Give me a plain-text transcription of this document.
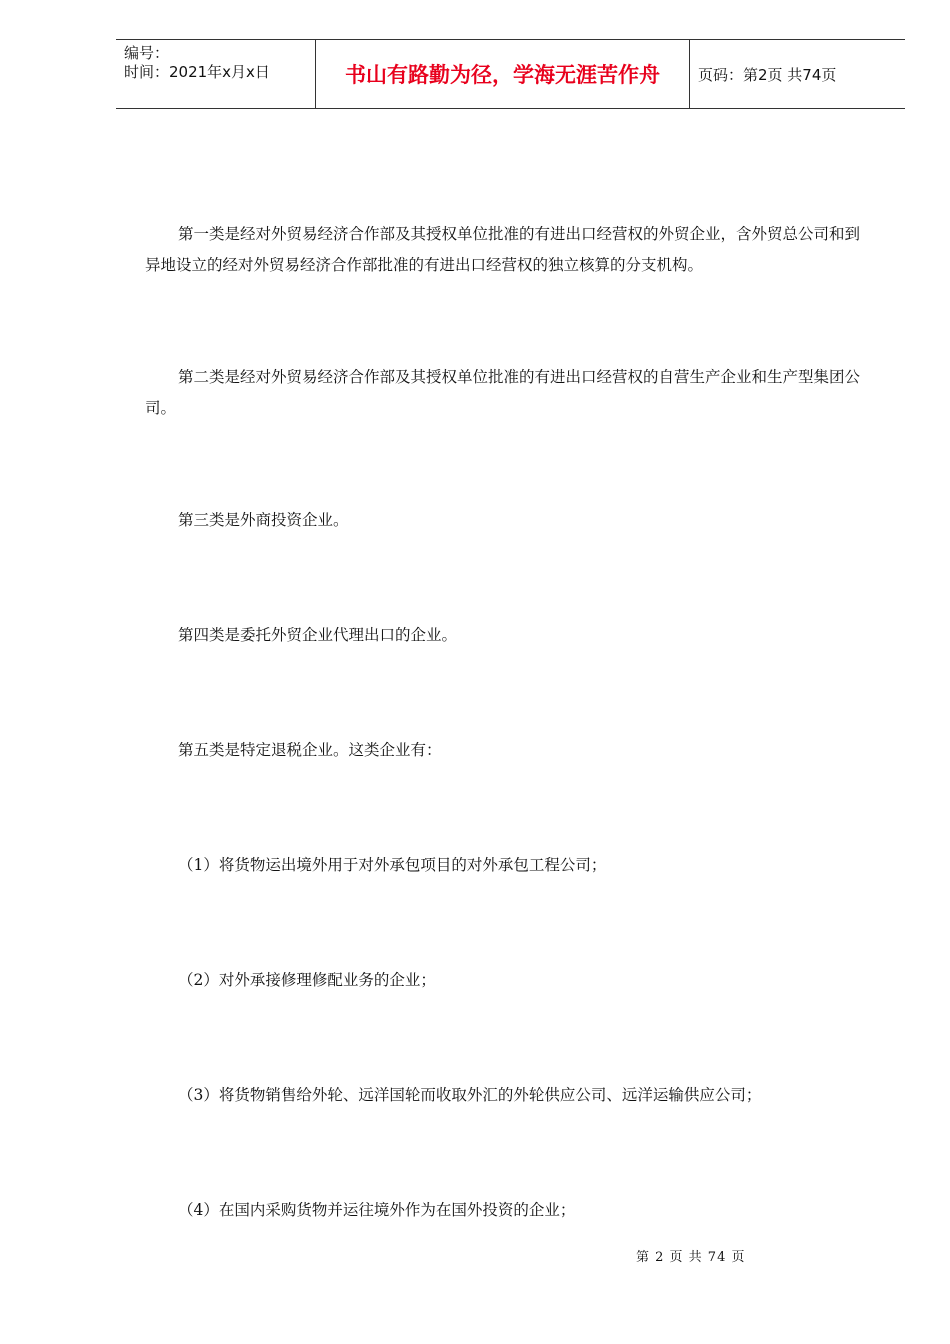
编号：
时间：2021年x月x日	书山有路勤为径，学海无涯苦作舟	页码：第2页 共74页

第一类是经对外贸易经济合作部及其授权单位批准的有进出口经营权的外贸企业，含外贸总公司和到异地设立的经对外贸易经济合作部批准的有进出口经营权的独立核算的分支机构。

第二类是经对外贸易经济合作部及其授权单位批准的有进出口经营权的自营生产企业和生产型集团公司。

第三类是外商投资企业。

第四类是委托外贸企业代理出口的企业。

第五类是特定退税企业。这类企业有：

（1）将货物运出境外用于对外承包项目的对外承包工程公司；

（2）对外承接修理修配业务的企业；

（3）将货物销售给外轮、远洋国轮而收取外汇的外轮供应公司、远洋运输供应公司；

（4）在国内采购货物并运往境外作为在国外投资的企业；

第 2 页 共 74 页
